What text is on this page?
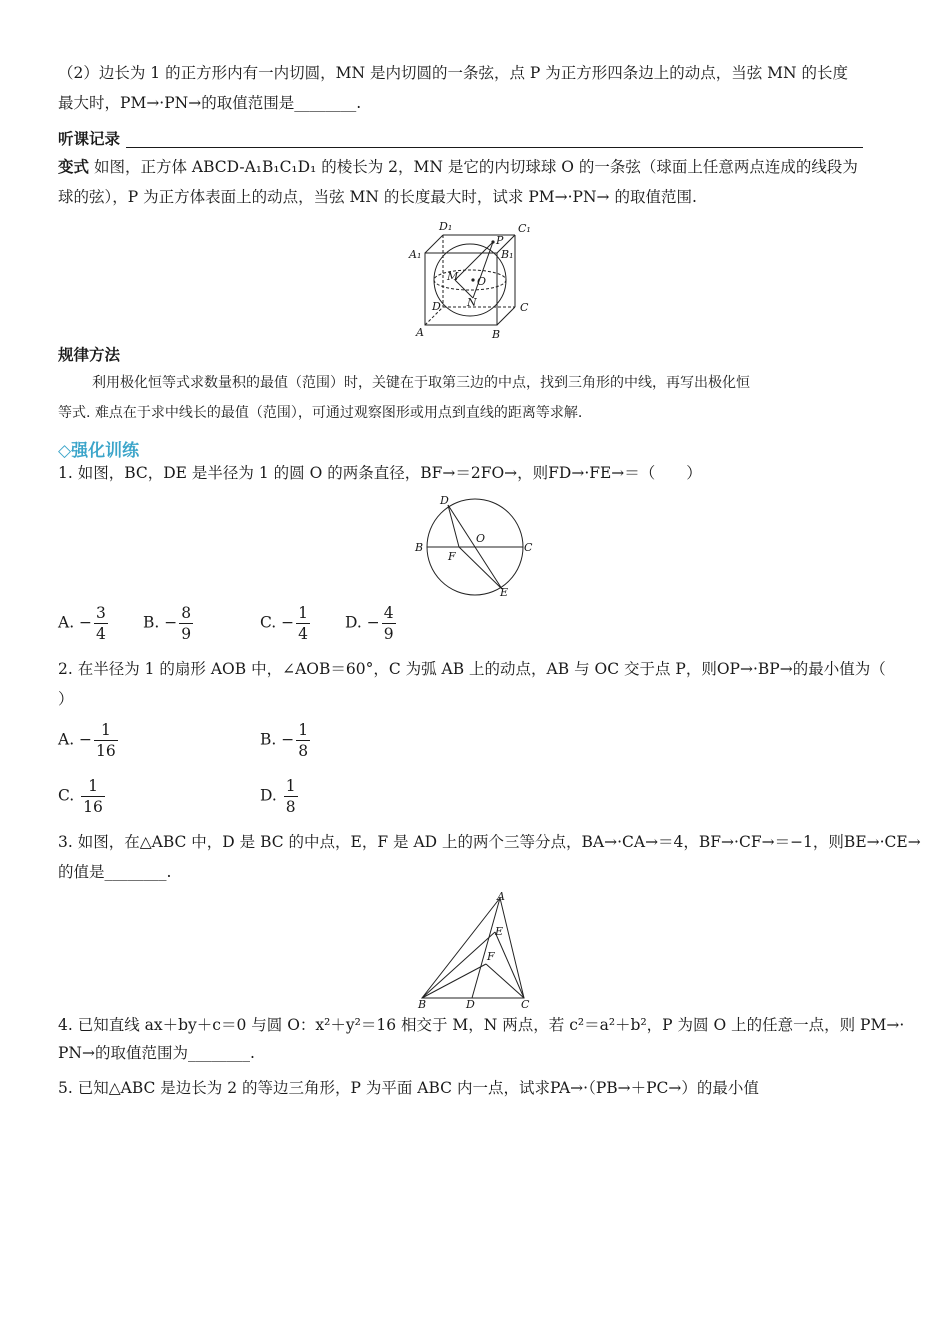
（2）边长为 1 的正方形内有一内切圆，MN 是内切圆的一条弦，点 P 为正方形四条边上的动点，当弦 MN 的长度
最大时，PM→·PN→的取值范围是________.
听课记录
变式 如图，正方体 ABCD-A₁B₁C₁D₁ 的棱长为 2，MN 是它的内切球球 O 的一条弦（球面上任意两点连成的线段为
球的弦），P 为正方体表面上的动点，当弦 MN 的长度最大时，试求 PM→·PN→ 的取值范围.
D₁	C₁
A₁	B₁
P
M O
D N	C
A	B
规律方法
利用极化恒等式求数量积的最值（范围）时，关键在于取第三边的中点，找到三角形的中线，再写出极化恒
等式. 难点在于求中线长的最值（范围），可通过观察图形或用点到直线的距离等求解.
◇强化训练
1. 如图，BC，DE 是半径为 1 的圆 O 的两条直径，BF→＝2FO→，则FD→·FE→＝（　　）
D
B
O
C
F
E
A. − $\frac{3}{4} B$. − $\frac{8}{9}$	C. − $\frac{1}{4} D$. − $\frac{4}{9}$
2. 在半径为 1 的扇形 AOB 中，∠AOB＝60°，C 为弧 AB 上的动点，AB 与 OC 交于点 P，则OP→·BP→的最小值为（
）
A. − $\frac{1}{16}$	B. − $\frac{1}{8}$
C. $\frac{1}{16}$	D. $\frac{1}{8}$
3. 如图，在△ABC 中，D 是 BC 的中点，E，F 是 AD 上的两个三等分点，BA→·CA→＝4，BF→·CF→＝−1，则BE→·CE→
的值是________.
A
E
F
B	D	C
4. 已知直线 ax＋by＋c＝0 与圆 O：x²＋y²＝16 相交于 M，N 两点，若 c²＝a²＋b²，P 为圆 O 上的任意一点，则 PM→·
PN→的取值范围为________.
5. 已知△ABC 是边长为 2 的等边三角形，P 为平面 ABC 内一点，试求PA→·（PB→＋PC→）的最小值
